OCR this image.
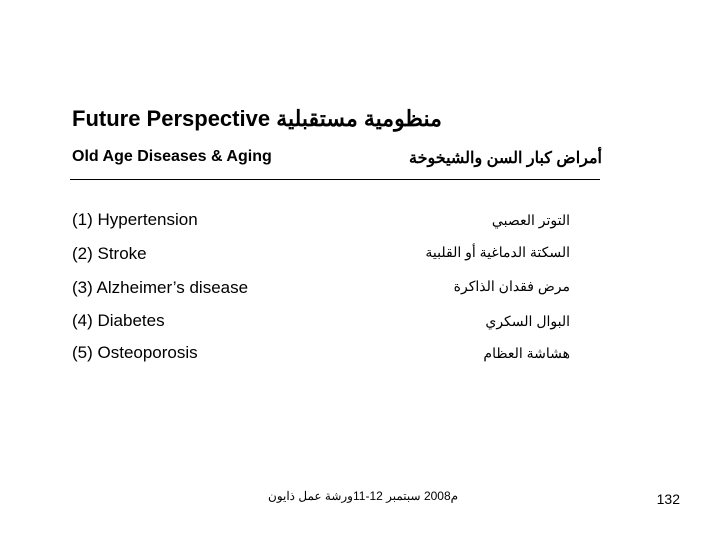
Future Perspective منظومية مستقبلية
Old Age Diseases & Aging	أمراض كبار السن والشيخوخة
(1) Hypertension	التوتر العصبي
(2) Stroke	السكتة الدماغية أو القلبية
(3) Alzheimer’s disease	مرض فقدان الذاكرة
(4) Diabetes	البوال السكري
(5) Osteoporosis	هشاشة العظام
م2008 سبتمبر 12-11ورشة عمل ذايون	132
